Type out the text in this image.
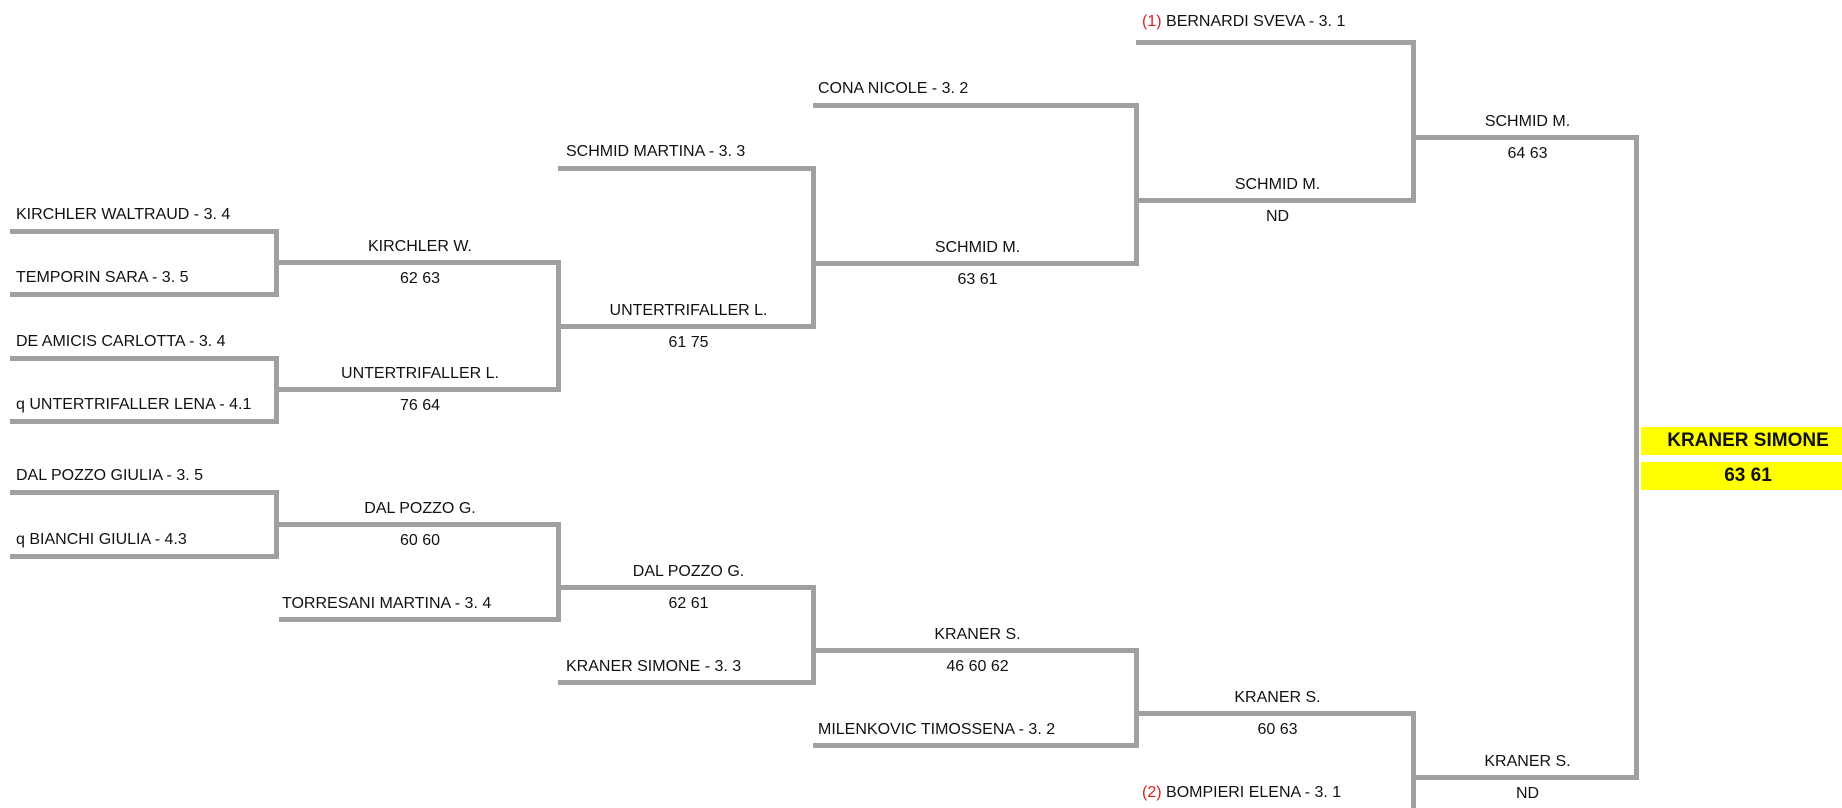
KIRCHLER WALTRAUD - 3. 4
TEMPORIN SARA - 3. 5
DE AMICIS CARLOTTA - 3. 4
q UNTERTRIFALLER LENA - 4.1
DAL POZZO GIULIA - 3. 5
q BIANCHI GIULIA - 4.3
KIRCHLER W.
62 63
UNTERTRIFALLER L.
76 64
DAL POZZO G.
60 60
TORRESANI MARTINA - 3. 4
SCHMID MARTINA - 3. 3
UNTERTRIFALLER L.
61 75
DAL POZZO G.
62 61
KRANER SIMONE - 3. 3
CONA NICOLE - 3. 2
SCHMID M.
63 61
KRANER S.
46 60 62
MILENKOVIC TIMOSSENA - 3. 2
(1) BERNARDI SVEVA - 3. 1
SCHMID M.
ND
KRANER S.
60 63
(2) BOMPIERI ELENA - 3. 1
SCHMID M.
64 63
KRANER S.
ND
KRANER SIMONE
63 61
